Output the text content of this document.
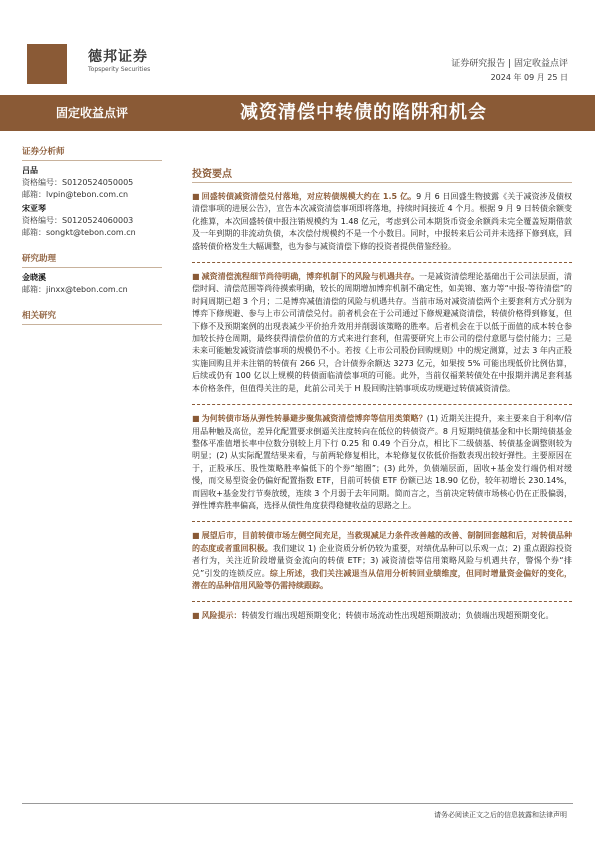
德邦证券
Topsperity Securities
证券研究报告 | 固定收益点评
2024 年 09 月 25 日
固定收益点评	减资清偿中转债的陷阱和机会
证券分析师
吕品
资格编号：S0120524050005
邮箱：lvpin@tebon.com.cn
宋亚琴
资格编号：S0120524060003
邮箱：songkt@tebon.com.cn
研究助理
金晓溪
邮箱：jinxx@tebon.com.cn
相关研究
投资要点

■ 回盛转债减资清偿兑付落地，对应转债规模大约在 1.5 亿。9 月 6 日回盛生物披露《关于减资涉及债权清偿事项的进展公告》，宣告本次减资清偿事项即将落地，持续时间接近 4 个月。根据 9 月 9 日转债余额变化推算，本次回盛转债中报注销规模约为 1.48 亿元，考虑到公司本期货币资金余额尚未完全覆盖短期借款及一年到期的非流动负债，本次偿付规模约不是一个小数目。同时，中报转来后公司并未选择下修到底，回盛转债价格发生大幅调整，也为参与减资清偿下修的投资者提供借鉴经验。

■ 减资清偿流程细节尚待明确，博弈机制下的风险与机遇共存。一是减资清偿理论基础出于公司法层面，清偿时间、清偿范围等尚待摸索明确，较长的周期增加博弈机制不确定性，如美锦、塞力等“中报-等待清偿”的时间周期已超 3 个月；二是博弈减值清偿的风险与机遇共存。当前市场对减资清偿两个主要套利方式分别为博弈下修规避、参与上市公司清偿兑付。前者机会在于公司通过下修规避减资清偿，转债价格得到修复，但下修不及预期案例的出现表减少平价抬升效用并削弱该策略的胜率。后者机会在于以低于面值的成本转仓参加较长持仓周期，最终获得清偿价值的方式来进行套利，但需要研究上市公司的偿付意愿与偿付能力；三是未来可能触发减资清偿事项的规模仍不小。若按《上市公司股份回购规则》中的规定测算，过去 3 年内正股实施回购且并未注销的转债有 266 只，合计债券余额达 3273 亿元，如果按 5% 可能出现低价比例估算，后续或仍有 100 亿以上规模的转债面临清偿事项的可能。此外，当前仅福莱转债处在中报期并满足套利基本价格条件，但值得关注的是，此前公司关于 H 股回购注销事项成功规避过转债减资清偿。

■ 为何转债市场从弹性转暴避步聚焦减资清偿博弈等信用类策略？(1) 近期关注提升，来主要来自于利率/信用品种触及高位，差异化配置要求倒逼关注度转向在低位的转债资产。8 月短期纯债基金和中长期纯债基金整体平准值增长率中位数分别较上月下行 0.25 和 0.49 个百分点，相比下二级债基、转债基金调整则较为明显；(2) 从实际配置结果来看，与前两轮修复相比，本轮修复仅依低价指数表现出较好弹性。主要原因在于，正股承压、股性策略胜率偏低下的个券“缩圈”；(3) 此外，负债端层面，固收+基金发行端仍相对缓慢，而交易型资金仍偏好配置指数 ETF，目前可转债 ETF 份额已达 18.90 亿份，较年初增长 230.14%，而固收+基金发行节奏放缓，连续 3 个月弱于去年同期。简而言之，当前决定转债市场核心仍在正股偏弱，弹性博弈胜率偏高，选择从债性角度获得稳健收益的思路之上。

■ 展望后市，目前转债市场左侧空间充足，当救现减足力条件改善越的改善、制制回套越和后，对转债品种的态度或者重回积极。我们建议 1) 企业资质分析仍较为重要，对绩优品种可以乐观一点；2) 重点跟踪投资者行为，关注近阶段增量资金流向的转债 ETF；3) 减资清偿等信用策略风险与机遇共存，警惕个券“排兑”引发的连锁反应。综上所述，我们关注减退当从信用分析转回业绩维度，但同时增量资金偏好的变化，潜在的品种信用风险等仍需持续跟踪。

■ 风险提示：转债发行端出现超预期变化；转债市场流动性出现超预期波动；负债端出现超预期变化。

请务必阅读正文之后的信息披露和法律声明
